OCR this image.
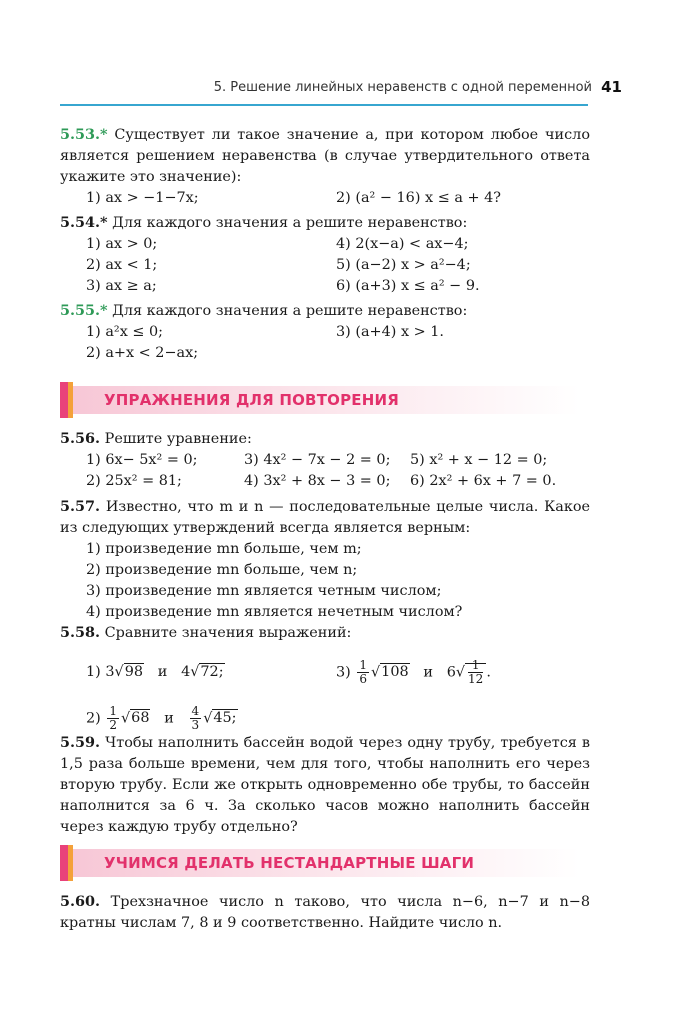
5. Решение линейных неравенств с одной переменной 41

5.53.* Существует ли такое значение a, при котором любое число является решением неравенства (в случае утвердительного ответа укажите это значение):

1) ax > −1−7x;	2) (a² − 16) x ≤ a + 4?

5.54.* Для каждого значения a решите неравенство:

1) ax > 0;	4) 2(x−a) < ax−4;
2) ax < 1;	5) (a−2) x > a²−4;
3) ax ≥ a;	6) (a+3) x ≤ a² − 9.

5.55.* Для каждого значения a решите неравенство:

1) a²x ≤ 0;	3) (a+4) x > 1.
2) a+x < 2−ax;
УПРАЖНЕНИЯ ДЛЯ ПОВТОРЕНИЯ

5.56. Решите уравнение:

1) 6x− 5x² = 0;	3) 4x² − 7x − 2 = 0;	5) x² + x − 12 = 0;
2) 25x² = 81;	4) 3x² + 8x − 3 = 0;	6) 2x² + 6x + 7 = 0.

5.57. Известно, что m и n — последовательные целые числа. Какое из следующих утверждений всегда является верным:

1) произведение mn больше, чем m;

2) произведение mn больше, чем n;

3) произведение mn является четным числом;

4) произведение mn является нечетным числом?

5.58. Сравните значения выражений:

1) 3√98 и 4√72;	$3) \frac{1}{6} √108$ и $6√ \frac{1}{12}$ .
$2) \frac{1}{2} √68$ и $\frac{4}{3} √45$;

5.59. Чтобы наполнить бассейн водой через одну трубу, требуется в 1,5 раза больше времени, чем для того, чтобы наполнить его через вторую трубу. Если же открыть одновременно обе трубы, то бассейн наполнится за 6 ч. За сколько часов можно наполнить бассейн через каждую трубу отдельно?

УЧИМСЯ ДЕЛАТЬ НЕСТАНДАРТНЫЕ ШАГИ

5.60. Трехзначное число n таково, что числа n−6, n−7 и n−8 кратны числам 7, 8 и 9 соответственно. Найдите число n.
